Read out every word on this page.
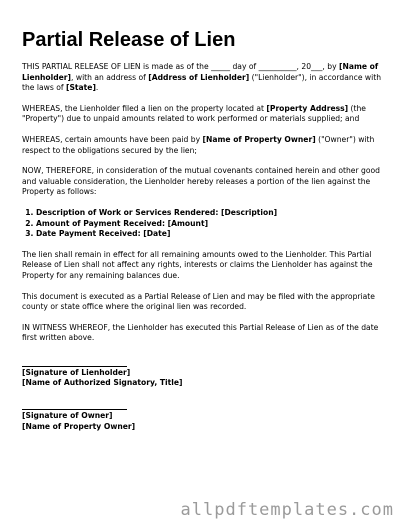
Partial Release of Lien

THIS PARTIAL RELEASE OF LIEN is made as of the _____ day of __________, 20___, by [Name of Lienholder], with an address of [Address of Lienholder] ("Lienholder"), in accordance with the laws of [State].

WHEREAS, the Lienholder filed a lien on the property located at [Property Address] (the "Property") due to unpaid amounts related to work performed or materials supplied; and

WHEREAS, certain amounts have been paid by [Name of Property Owner] ("Owner") with respect to the obligations secured by the lien;

NOW, THEREFORE, in consideration of the mutual covenants contained herein and other good and valuable consideration, the Lienholder hereby releases a portion of the lien against the Property as follows:

1. Description of Work or Services Rendered: [Description]
2. Amount of Payment Received: [Amount]
3. Date Payment Received: [Date]

The lien shall remain in effect for all remaining amounts owed to the Lienholder. This Partial Release of Lien shall not affect any rights, interests or claims the Lienholder has against the Property for any remaining balances due.

This document is executed as a Partial Release of Lien and may be filed with the appropriate county or state office where the original lien was recorded.

IN WITNESS WHEREOF, the Lienholder has executed this Partial Release of Lien as of the date first written above.

[Signature of Lienholder]
[Name of Authorized Signatory, Title]
[Signature of Owner]
[Name of Property Owner]
allpdftemplates.com
